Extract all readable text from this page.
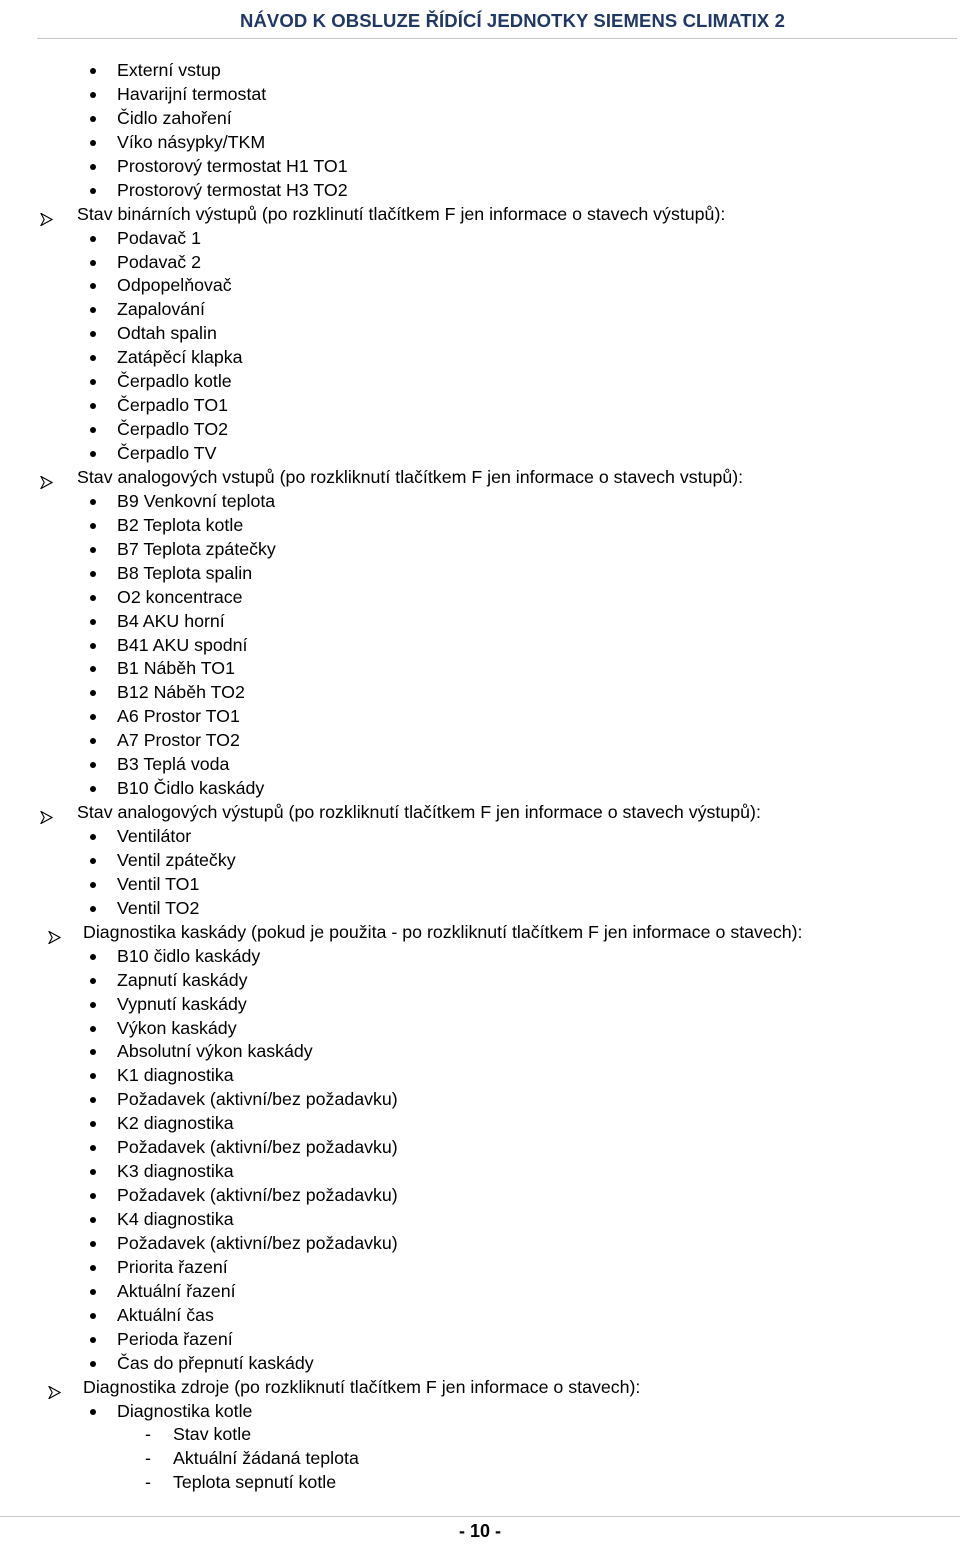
NÁVOD K OBSLUZE ŘÍDÍCÍ JEDNOTKY SIEMENS CLIMATIX 2
Externí vstup
Havarijní termostat
Čidlo zahoření
Víko násypky/TKM
Prostorový termostat H1 TO1
Prostorový termostat H3 TO2
Stav binárních výstupů (po rozklinutí tlačítkem F jen informace o stavech výstupů):
Podavač 1
Podavač 2
Odpopelňovač
Zapalování
Odtah spalin
Zatápěcí klapka
Čerpadlo kotle
Čerpadlo TO1
Čerpadlo TO2
Čerpadlo TV
Stav analogových vstupů (po rozkliknutí tlačítkem F jen informace o stavech vstupů):
B9 Venkovní teplota
B2 Teplota kotle
B7 Teplota zpátečky
B8 Teplota spalin
O2 koncentrace
B4 AKU horní
B41 AKU spodní
B1 Náběh TO1
B12 Náběh TO2
A6 Prostor TO1
A7 Prostor TO2
B3 Teplá voda
B10 Čidlo kaskády
Stav analogových výstupů (po rozkliknutí tlačítkem F jen informace o stavech výstupů):
Ventilátor
Ventil zpátečky
Ventil TO1
Ventil TO2
Diagnostika kaskády (pokud je použita - po rozkliknutí tlačítkem F jen informace o stavech):
B10 čidlo kaskády
Zapnutí kaskády
Vypnutí kaskády
Výkon kaskády
Absolutní výkon kaskády
K1 diagnostika
Požadavek (aktivní/bez požadavku)
K2 diagnostika
Požadavek (aktivní/bez požadavku)
K3 diagnostika
Požadavek (aktivní/bez požadavku)
K4 diagnostika
Požadavek (aktivní/bez požadavku)
Priorita řazení
Aktuální řazení
Aktuální čas
Perioda řazení
Čas do přepnutí kaskády
Diagnostika zdroje (po rozkliknutí tlačítkem F jen informace o stavech):
Diagnostika kotle
- Stav kotle
- Aktuální žádaná teplota
- Teplota sepnutí kotle
- 10 -
